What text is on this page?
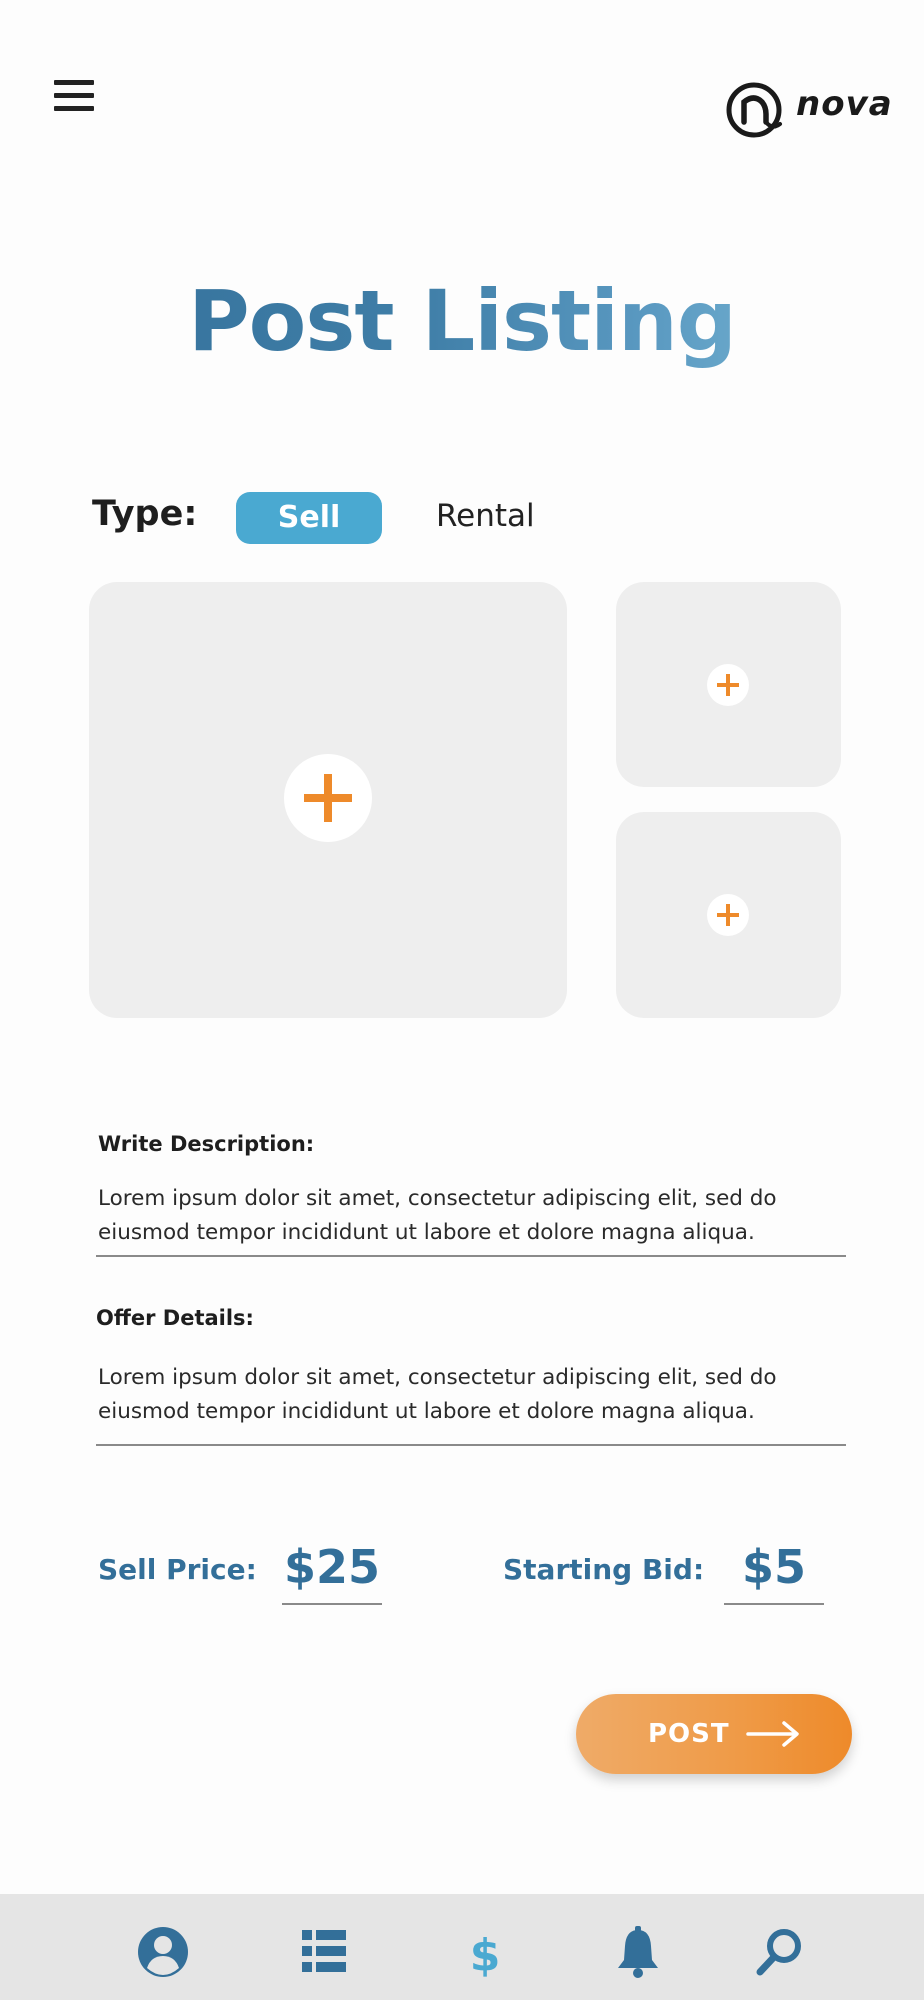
nova
Post Listing
Type:	Sell	Rental
Write Description:
Lorem ipsum dolor sit amet, consectetur adipiscing elit, sed do eiusmod tempor incididunt ut labore et dolore magna aliqua.
Offer Details:
Lorem ipsum dolor sit amet, consectetur adipiscing elit, sed do eiusmod tempor incididunt ut labore et dolore magna aliqua.
Sell Price: $25	Starting Bid: $5
POST
$
